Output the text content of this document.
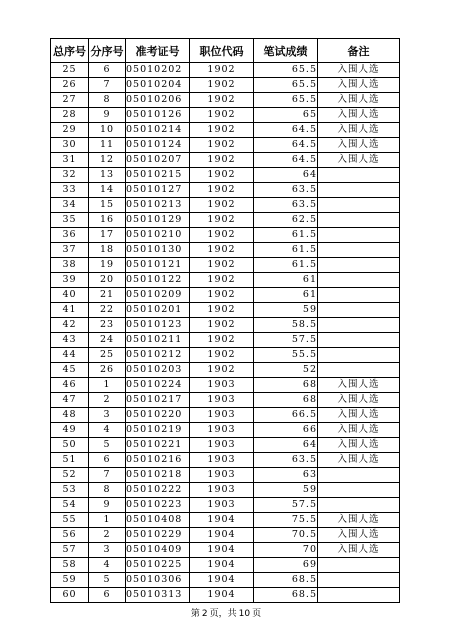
总序号	分序号	准考证号	职位代码	笔试成绩	备注
25	6	05010202	1902	65.5	入围人选
26	7	05010204	1902	65.5	入围人选
27	8	05010206	1902	65.5	入围人选
28	9	05010126	1902	65	入围人选
29	10	05010214	1902	64.5	入围人选
30	11	05010124	1902	64.5	入围人选
31	12	05010207	1902	64.5	入围人选
32	13	05010215	1902	64	
33	14	05010127	1902	63.5	
34	15	05010213	1902	63.5	
35	16	05010129	1902	62.5	
36	17	05010210	1902	61.5	
37	18	05010130	1902	61.5	
38	19	05010121	1902	61.5	
39	20	05010122	1902	61	
40	21	05010209	1902	61	
41	22	05010201	1902	59	
42	23	05010123	1902	58.5	
43	24	05010211	1902	57.5	
44	25	05010212	1902	55.5	
45	26	05010203	1902	52	
46	1	05010224	1903	68	入围人选
47	2	05010217	1903	68	入围人选
48	3	05010220	1903	66.5	入围人选
49	4	05010219	1903	66	入围人选
50	5	05010221	1903	64	入围人选
51	6	05010216	1903	63.5	入围人选
52	7	05010218	1903	63	
53	8	05010222	1903	59	
54	9	05010223	1903	57.5	
55	1	05010408	1904	75.5	入围人选
56	2	05010229	1904	70.5	入围人选
57	3	05010409	1904	70	入围人选
58	4	05010225	1904	69	
59	5	05010306	1904	68.5	
60	6	05010313	1904	68.5	
第 2 页，共 10 页
